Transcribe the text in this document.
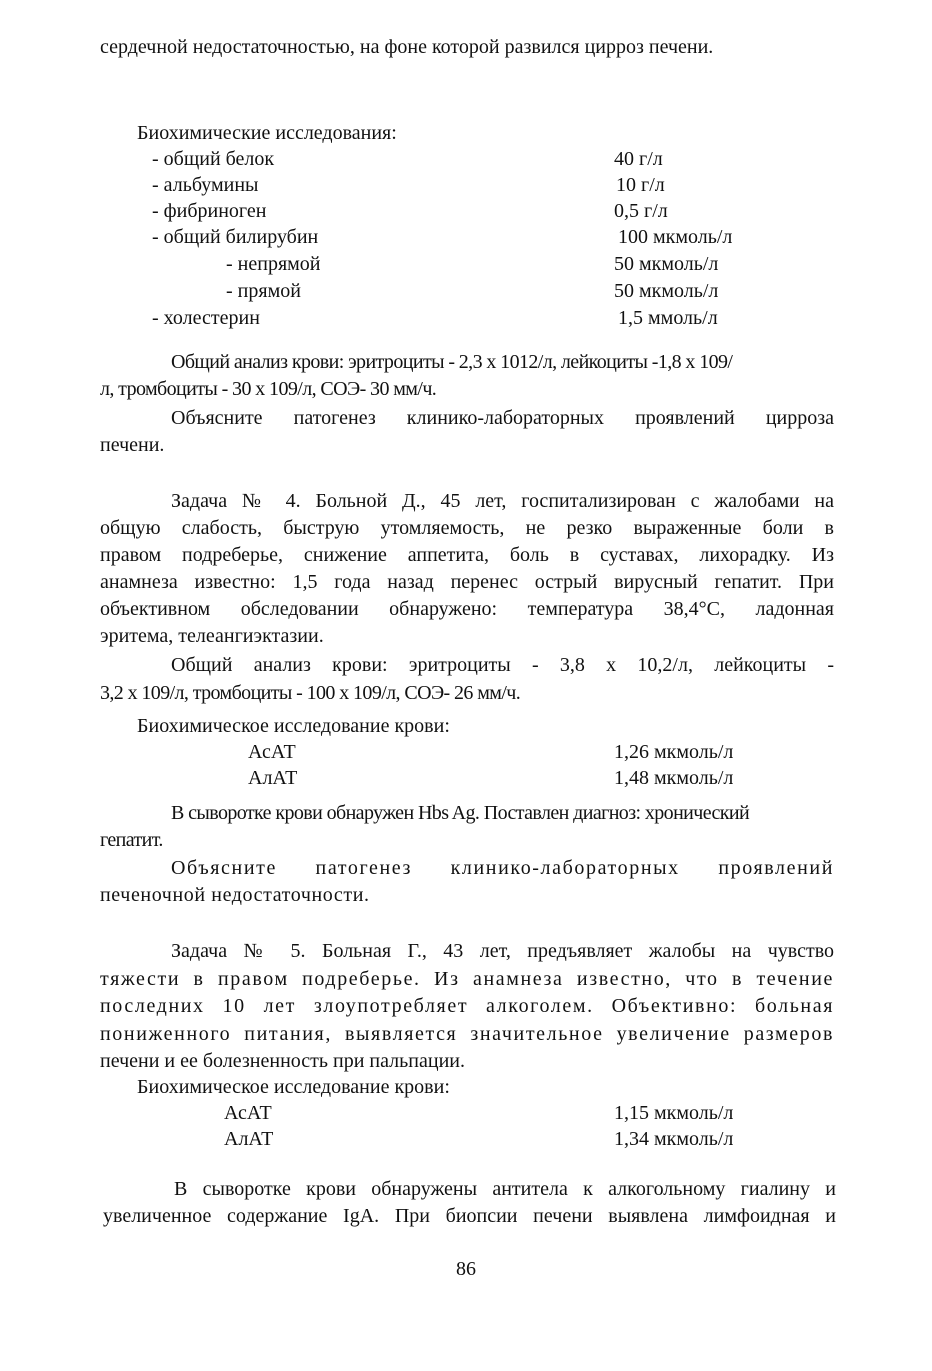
сердечной недостаточностью, на фоне которой развился цирроз печени.
Биохимические исследования:
- общий белок	40 г/л
- альбумины	10 г/л
- фибриноген	0,5 г/л
- общий билирубин	100 мкмоль/л
- непрямой	50 мкмоль/л
- прямой	50 мкмоль/л
- холестерин	1,5 ммоль/л
Общий анализ крови: эритроциты - 2,3 х 1012/л, лейкоциты -1,8 х 109/
л, тромбоциты - 30 х 109/л, СОЭ- 30 мм/ч.
Объясните патогенез клинико-лабораторных проявлений цирроза
печени.
Задача № 4. Больной Д., 45 лет, госпитализирован с жалобами на
общую слабость, быструю утомляемость, не резко выраженные боли в
правом подреберье, снижение аппетита, боль в суставах, лихорадку. Из
анамнеза известно: 1,5 года назад перенес острый вирусный гепатит. При
объективном обследовании обнаружено: температура 38,4°С, ладонная
эритема, телеангиэктазии.
Общий анализ крови: эритроциты - 3,8 х 10,2/л, лейкоциты -
3,2 х 109/л, тромбоциты - 100 х 109/л, СОЭ- 26 мм/ч.
Биохимическое исследование крови:
АсАТ	1,26 мкмоль/л
АлАТ	1,48 мкмоль/л
В сыворотке крови обнаружен Hbs Ag. Поставлен диагноз: хронический
гепатит.
Объясните патогенез клинико-лабораторных проявлений
печеночной недостаточности.
Задача № 5. Больная Г., 43 лет, предъявляет жалобы на чувство
тяжести в правом подреберье. Из анамнеза известно, что в течение
последних 10 лет злоупотребляет алкоголем. Объективно: больная
пониженного питания, выявляется значительное увеличение размеров
печени и ее болезненность при пальпации.
Биохимическое исследование крови:
АсАТ	1,15 мкмоль/л
АлАТ	1,34 мкмоль/л
В сыворотке крови обнаружены антитела к алкогольному гиалину и
увеличенное содержание IgA. При биопсии печени выявлена лимфоидная и
86
